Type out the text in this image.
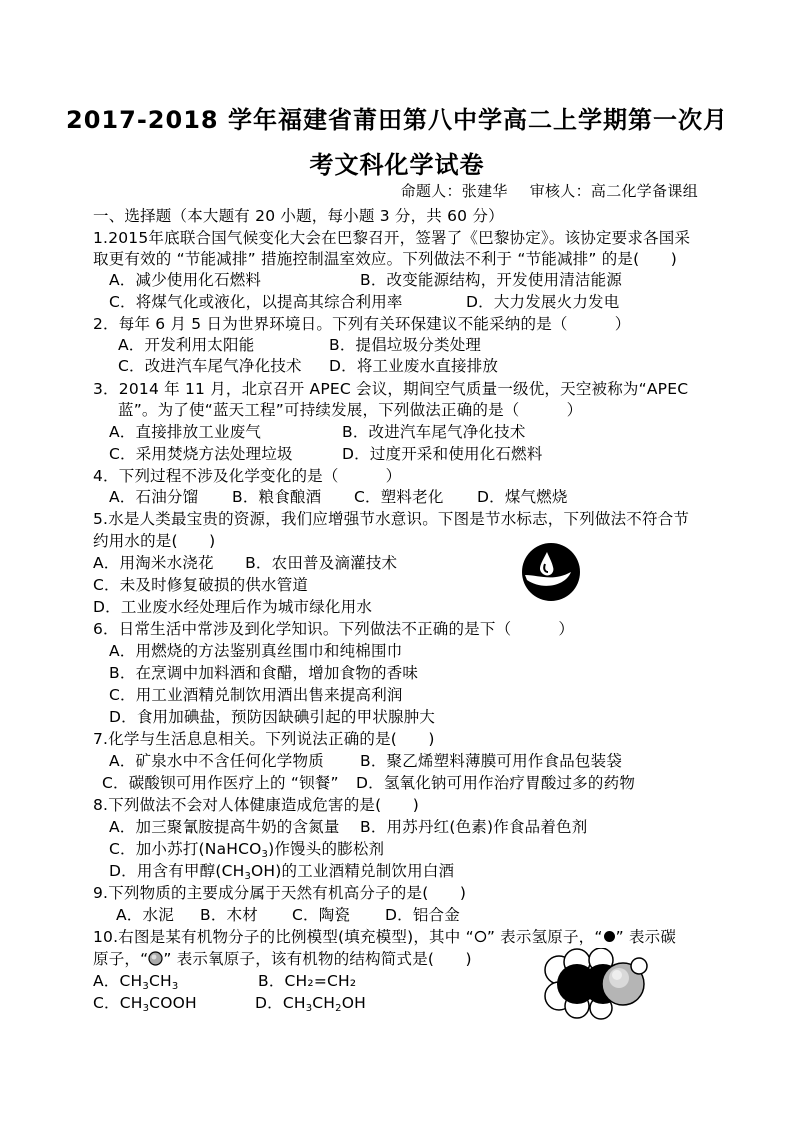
2017-2018 学年福建省莆田第八中学高二上学期第一次月
考文科化学试卷
命题人：张建华 审核人：高二化学备课组
一、选择题（本大题有 20 小题，每小题 3 分，共 60 分）
1.2015年底联合国气候变化大会在巴黎召开，签署了《巴黎协定》。该协定要求各国采
取更有效的 “节能减排” 措施控制温室效应。下列做法不利于 “节能减排” 的是(　　)
A．减少使用化石燃料	B．改变能源结构，开发使用清洁能源
C．将煤气化或液化，以提高其综合利用率	D．大力发展火力发电
2．每年 6 月 5 日为世界环境日。下列有关环保建议不能采纳的是（　　　）
A．开发利用太阳能	B．提倡垃圾分类处理
C．改进汽车尾气净化技术 D．将工业废水直接排放
3．2014 年 11 月，北京召开 APEC 会议，期间空气质量一级优，天空被称为“APEC
蓝”。为了使“蓝天工程”可持续发展，下列做法正确的是（　　　）
A．直接排放工业废气	B．改进汽车尾气净化技术
C．采用焚烧方法处理垃圾	D．过度开采和使用化石燃料
4．下列过程不涉及化学变化的是（　　　）
A．石油分馏 B．粮食酿酒 C．塑料老化 D．煤气燃烧
5.水是人类最宝贵的资源，我们应增强节水意识。下图是节水标志，下列做法不符合节
约用水的是(　　)
A．用淘米水浇花　　B．农田普及滴灌技术
C．未及时修复破损的供水管道
D．工业废水经处理后作为城市绿化用水
6．日常生活中常涉及到化学知识。下列做法不正确的是下（　　　）
A．用燃烧的方法鉴别真丝围巾和纯棉围巾
B．在烹调中加料酒和食醋，增加食物的香味
C．用工业酒精兑制饮用酒出售来提高利润
D．食用加碘盐，预防因缺碘引起的甲状腺肿大
7.化学与生活息息相关。下列说法正确的是(　　)
A．矿泉水中不含任何化学物质 B．聚乙烯塑料薄膜可用作食品包装袋
C．碳酸钡可用作医疗上的 “钡餐” D．氢氧化钠可用作治疗胃酸过多的药物
8.下列做法不会对人体健康造成危害的是(　　)
A．加三聚氰胺提高牛奶的含氮量 B．用苏丹红(色素)作食品着色剂
C．加小苏打(NaHCO$_3$)作馒头的膨松剂
D．用含有甲醇$(CH_3OH)$的工业酒精兑制饮用白酒
9.下列物质的主要成分属于天然有机高分子的是(　　)
A．水泥 B．木材 C．陶瓷 D．铝合金
10.右图是某有机物分子的比例模型(填充模型)，其中 “ ” 表示氢原子，“ ” 表示碳
原子，“ ” 表示氧原子，该有机物的结构简式是(　　)
A．$CH_3CH_3$	B．CH₂=CH₂
C．$CH_3COOH$	D．$CH_3CH_2OH$
